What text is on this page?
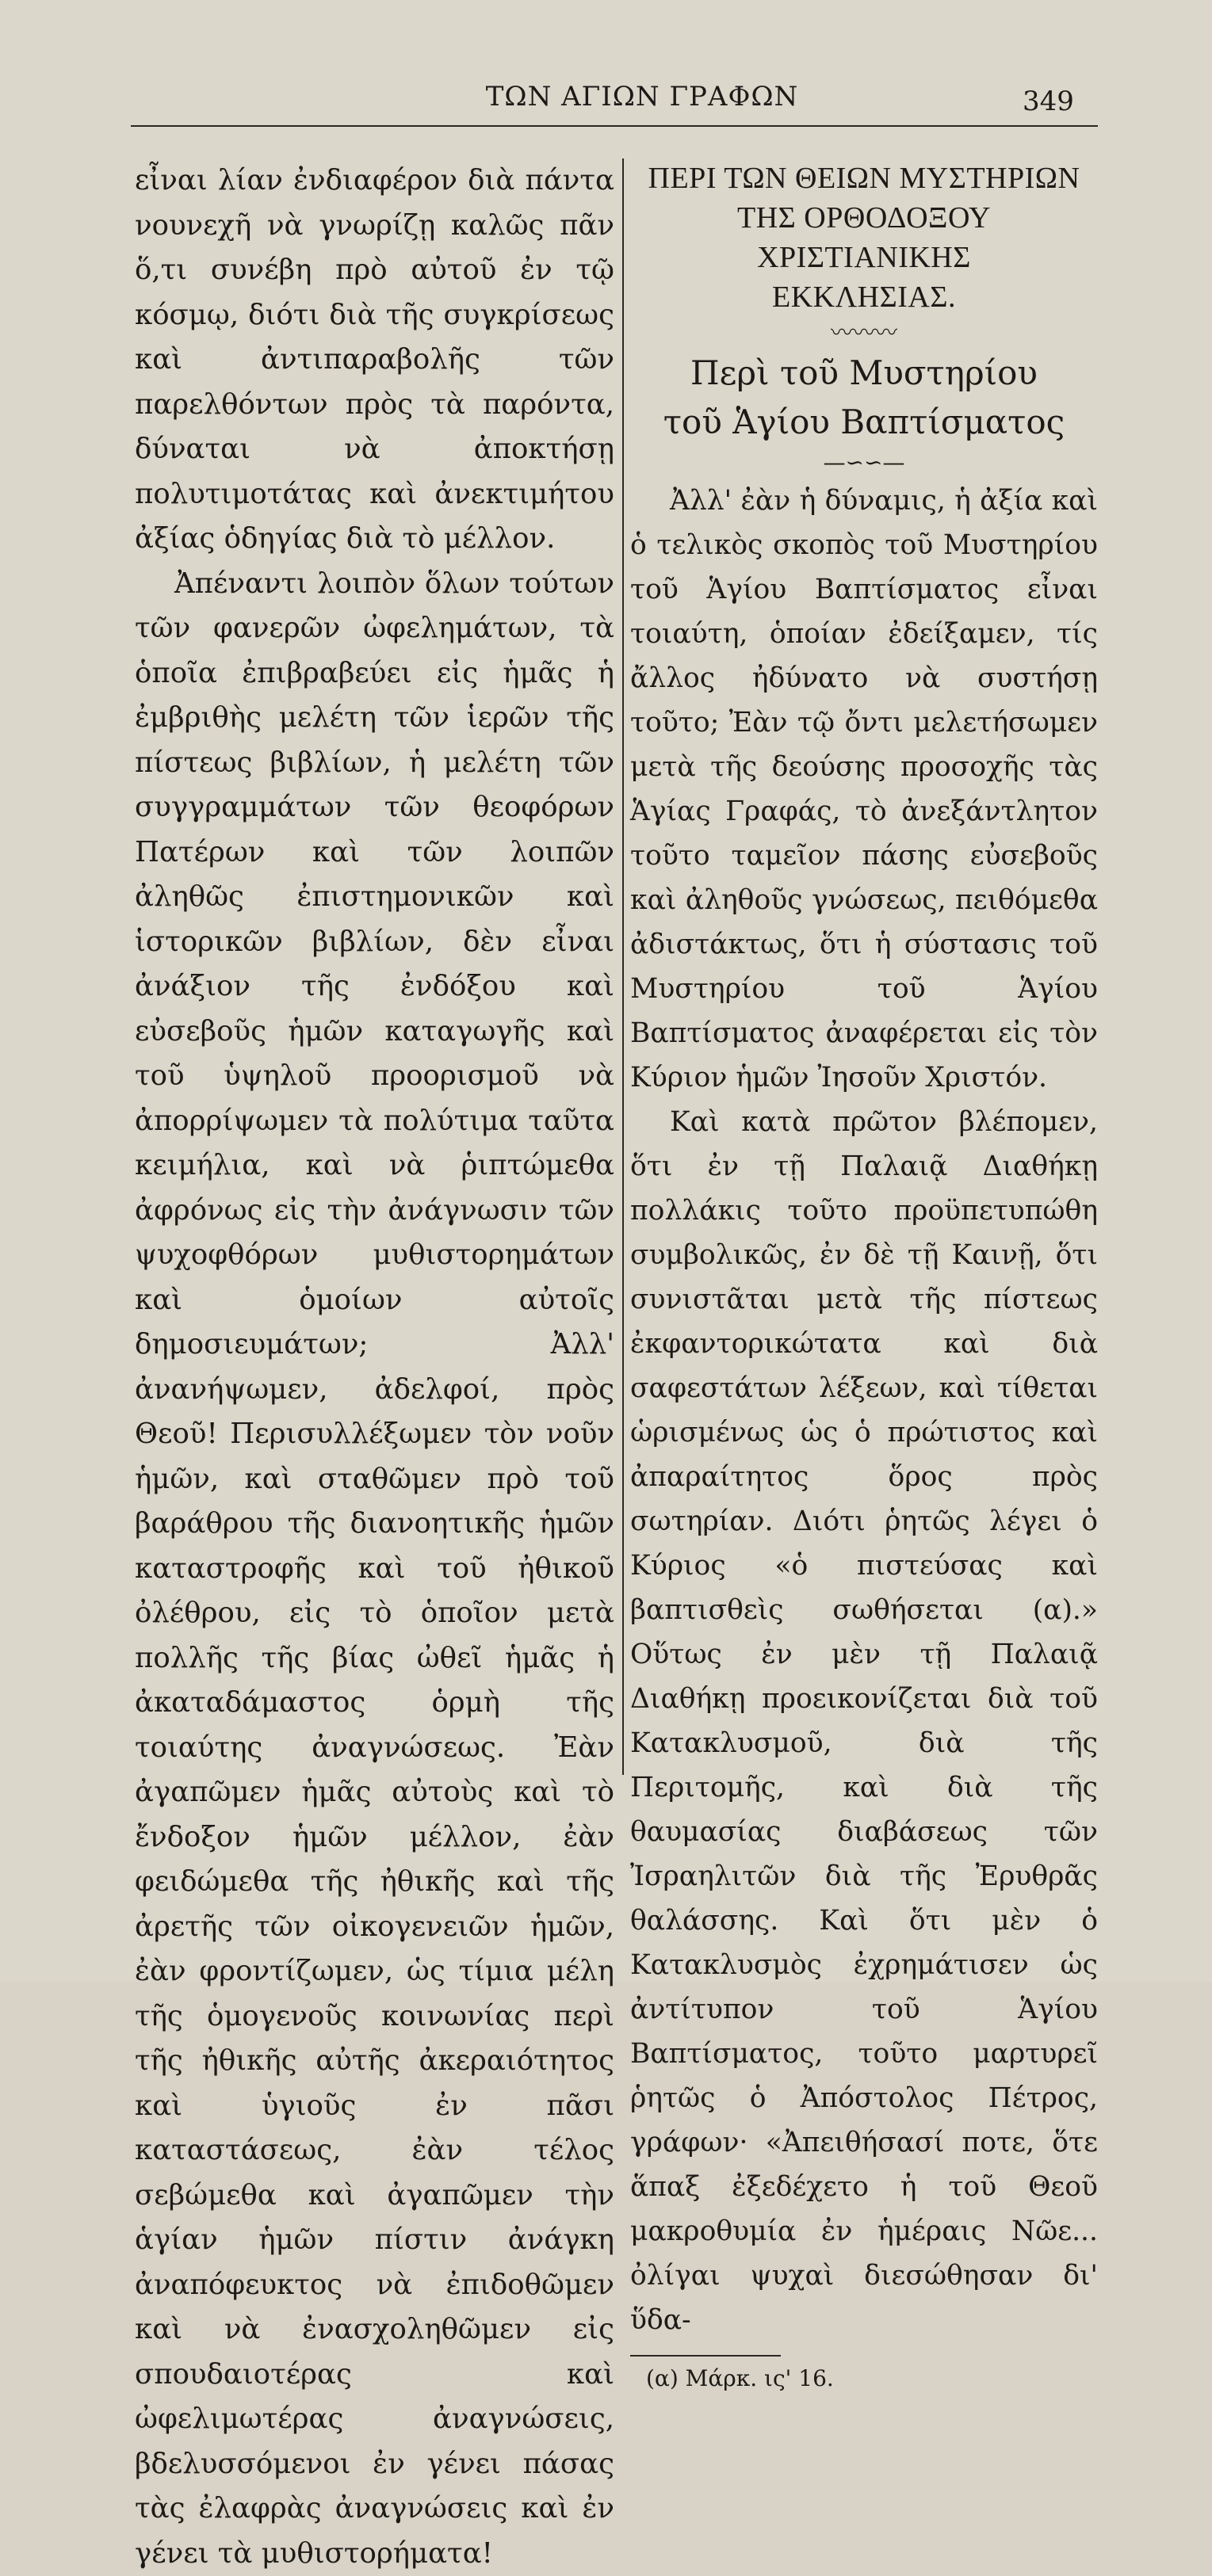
ΤΩΝ ΑΓΙΩΝ ΓΡΑΦΩΝ	349

εἶναι λίαν ἐνδιαφέρον διὰ πάντα νουνεχῆ νὰ γνωρίζῃ καλῶς πᾶν ὅ,τι συνέβη πρὸ αὐτοῦ ἐν τῷ κόσμῳ, διότι διὰ τῆς συγκρίσεως καὶ ἀντιπαραβολῆς τῶν παρελθόντων πρὸς τὰ παρόντα, δύναται νὰ ἀποκτήσῃ πολυτιμοτάτας καὶ ἀνεκτιμήτου ἀξίας ὁδηγίας διὰ τὸ μέλλον.

Ἀπέναντι λοιπὸν ὅλων τούτων τῶν φανερῶν ὠφελημάτων, τὰ ὁποῖα ἐπιβραβεύει εἰς ἡμᾶς ἡ ἐμβριθὴς μελέτη τῶν ἱερῶν τῆς πίστεως βιβλίων, ἡ μελέτη τῶν συγγραμμάτων τῶν θεοφόρων Πατέρων καὶ τῶν λοιπῶν ἀληθῶς ἐπιστημονικῶν καὶ ἱστορικῶν βιβλίων, δὲν εἶναι ἀνάξιον τῆς ἐνδόξου καὶ εὐσεβοῦς ἡμῶν καταγωγῆς καὶ τοῦ ὑψηλοῦ προορισμοῦ νὰ ἀπορρίψωμεν τὰ πολύτιμα ταῦτα κειμήλια, καὶ νὰ ῥιπτώμεθα ἀφρόνως εἰς τὴν ἀνάγνωσιν τῶν ψυχοφθόρων μυθιστορημάτων καὶ ὁμοίων αὐτοῖς δημοσιευμάτων; Ἀλλ' ἀνανήψωμεν, ἀδελφοί, πρὸς Θεοῦ! Περισυλλέξωμεν τὸν νοῦν ἡμῶν, καὶ σταθῶμεν πρὸ τοῦ βαράθρου τῆς διανοητικῆς ἡμῶν καταστροφῆς καὶ τοῦ ἠθικοῦ ὀλέθρου, εἰς τὸ ὁποῖον μετὰ πολλῆς τῆς βίας ὠθεῖ ἡμᾶς ἡ ἀκαταδάμαστος ὁρμὴ τῆς τοιαύτης ἀναγνώσεως. Ἐὰν ἀγαπῶμεν ἡμᾶς αὐτοὺς καὶ τὸ ἔνδοξον ἡμῶν μέλλον, ἐὰν φειδώμεθα τῆς ἠθικῆς καὶ τῆς ἀρετῆς τῶν οἰκογενειῶν ἡμῶν, ἐὰν φροντίζωμεν, ὡς τίμια μέλη τῆς ὁμογενοῦς κοινωνίας περὶ τῆς ἠθικῆς αὐτῆς ἀκεραιότητος καὶ ὑγιοῦς ἐν πᾶσι καταστάσεως, ἐὰν τέλος σεβώμεθα καὶ ἀγαπῶμεν τὴν ἁγίαν ἡμῶν πίστιν ἀνάγκη ἀναπόφευκτος νὰ ἐπιδοθῶμεν καὶ νὰ ἐνασχοληθῶμεν εἰς σπουδαιοτέρας καὶ ὠφελιμωτέρας ἀναγνώσεις, βδελυσσόμενοι ἐν γένει πάσας τὰς ἐλαφρὰς ἀναγνώσεις καὶ ἐν γένει τὰ μυθιστορήματα!

ΠΕΡΙ ΤΩΝ ΘΕΙΩΝ ΜΥΣΤΗΡΙΩΝ

ΤΗΣ ΟΡΘΟΔΟΞΟΥ ΧΡΙΣΤΙΑΝΙΚΗΣ

ΕΚΚΛΗΣΙΑΣ.

〰〰〰

Περὶ τοῦ Μυστηρίου

τοῦ Ἁγίου Βαπτίσματος

—∽∽—

Ἀλλ' ἐὰν ἡ δύναμις, ἡ ἀξία καὶ ὁ τελικὸς σκοπὸς τοῦ Μυστηρίου τοῦ Ἁγίου Βαπτίσματος εἶναι τοιαύτη, ὁποίαν ἐδείξαμεν, τίς ἄλλος ἠδύνατο νὰ συστήσῃ τοῦτο; Ἐὰν τῷ ὄντι μελετήσωμεν μετὰ τῆς δεούσης προσοχῆς τὰς Ἁγίας Γραφάς, τὸ ἀνεξάντλητον τοῦτο ταμεῖον πάσης εὐσεβοῦς καὶ ἀληθοῦς γνώσεως, πειθόμεθα ἀδιστάκτως, ὅτι ἡ σύστασις τοῦ Μυστηρίου τοῦ Ἁγίου Βαπτίσματος ἀναφέρεται εἰς τὸν Κύριον ἡμῶν Ἰησοῦν Χριστόν.

Καὶ κατὰ πρῶτον βλέπομεν, ὅτι ἐν τῇ Παλαιᾷ Διαθήκῃ πολλάκις τοῦτο προϋπετυπώθη συμβολικῶς, ἐν δὲ τῇ Καινῇ, ὅτι συνιστᾶται μετὰ τῆς πίστεως ἐκφαντορικώτατα καὶ διὰ σαφεστάτων λέξεων, καὶ τίθεται ὡρισμένως ὡς ὁ πρώτιστος καὶ ἀπαραίτητος ὅρος πρὸς σωτηρίαν. Διότι ῥητῶς λέγει ὁ Κύριος «ὁ πιστεύσας καὶ βαπτισθεὶς σωθήσεται (α).» Οὕτως ἐν μὲν τῇ Παλαιᾷ Διαθήκῃ προεικονίζεται διὰ τοῦ Κατακλυσμοῦ, διὰ τῆς Περιτομῆς, καὶ διὰ τῆς θαυμασίας διαβάσεως τῶν Ἰσραηλιτῶν διὰ τῆς Ἐρυθρᾶς θαλάσσης. Καὶ ὅτι μὲν ὁ Κατακλυσμὸς ἐχρημάτισεν ὡς ἀντίτυπον τοῦ Ἁγίου Βαπτίσματος, τοῦτο μαρτυρεῖ ῥητῶς ὁ Ἀπόστολος Πέτρος, γράφων· «Ἀπειθήσασί ποτε, ὅτε ἅπαξ ἐξεδέχετο ἡ τοῦ Θεοῦ μακροθυμία ἐν ἡμέραις Νῶε... ὀλίγαι ψυχαὶ διεσώθησαν δι' ὕδα-

(α) Μάρκ. ις' 16.
